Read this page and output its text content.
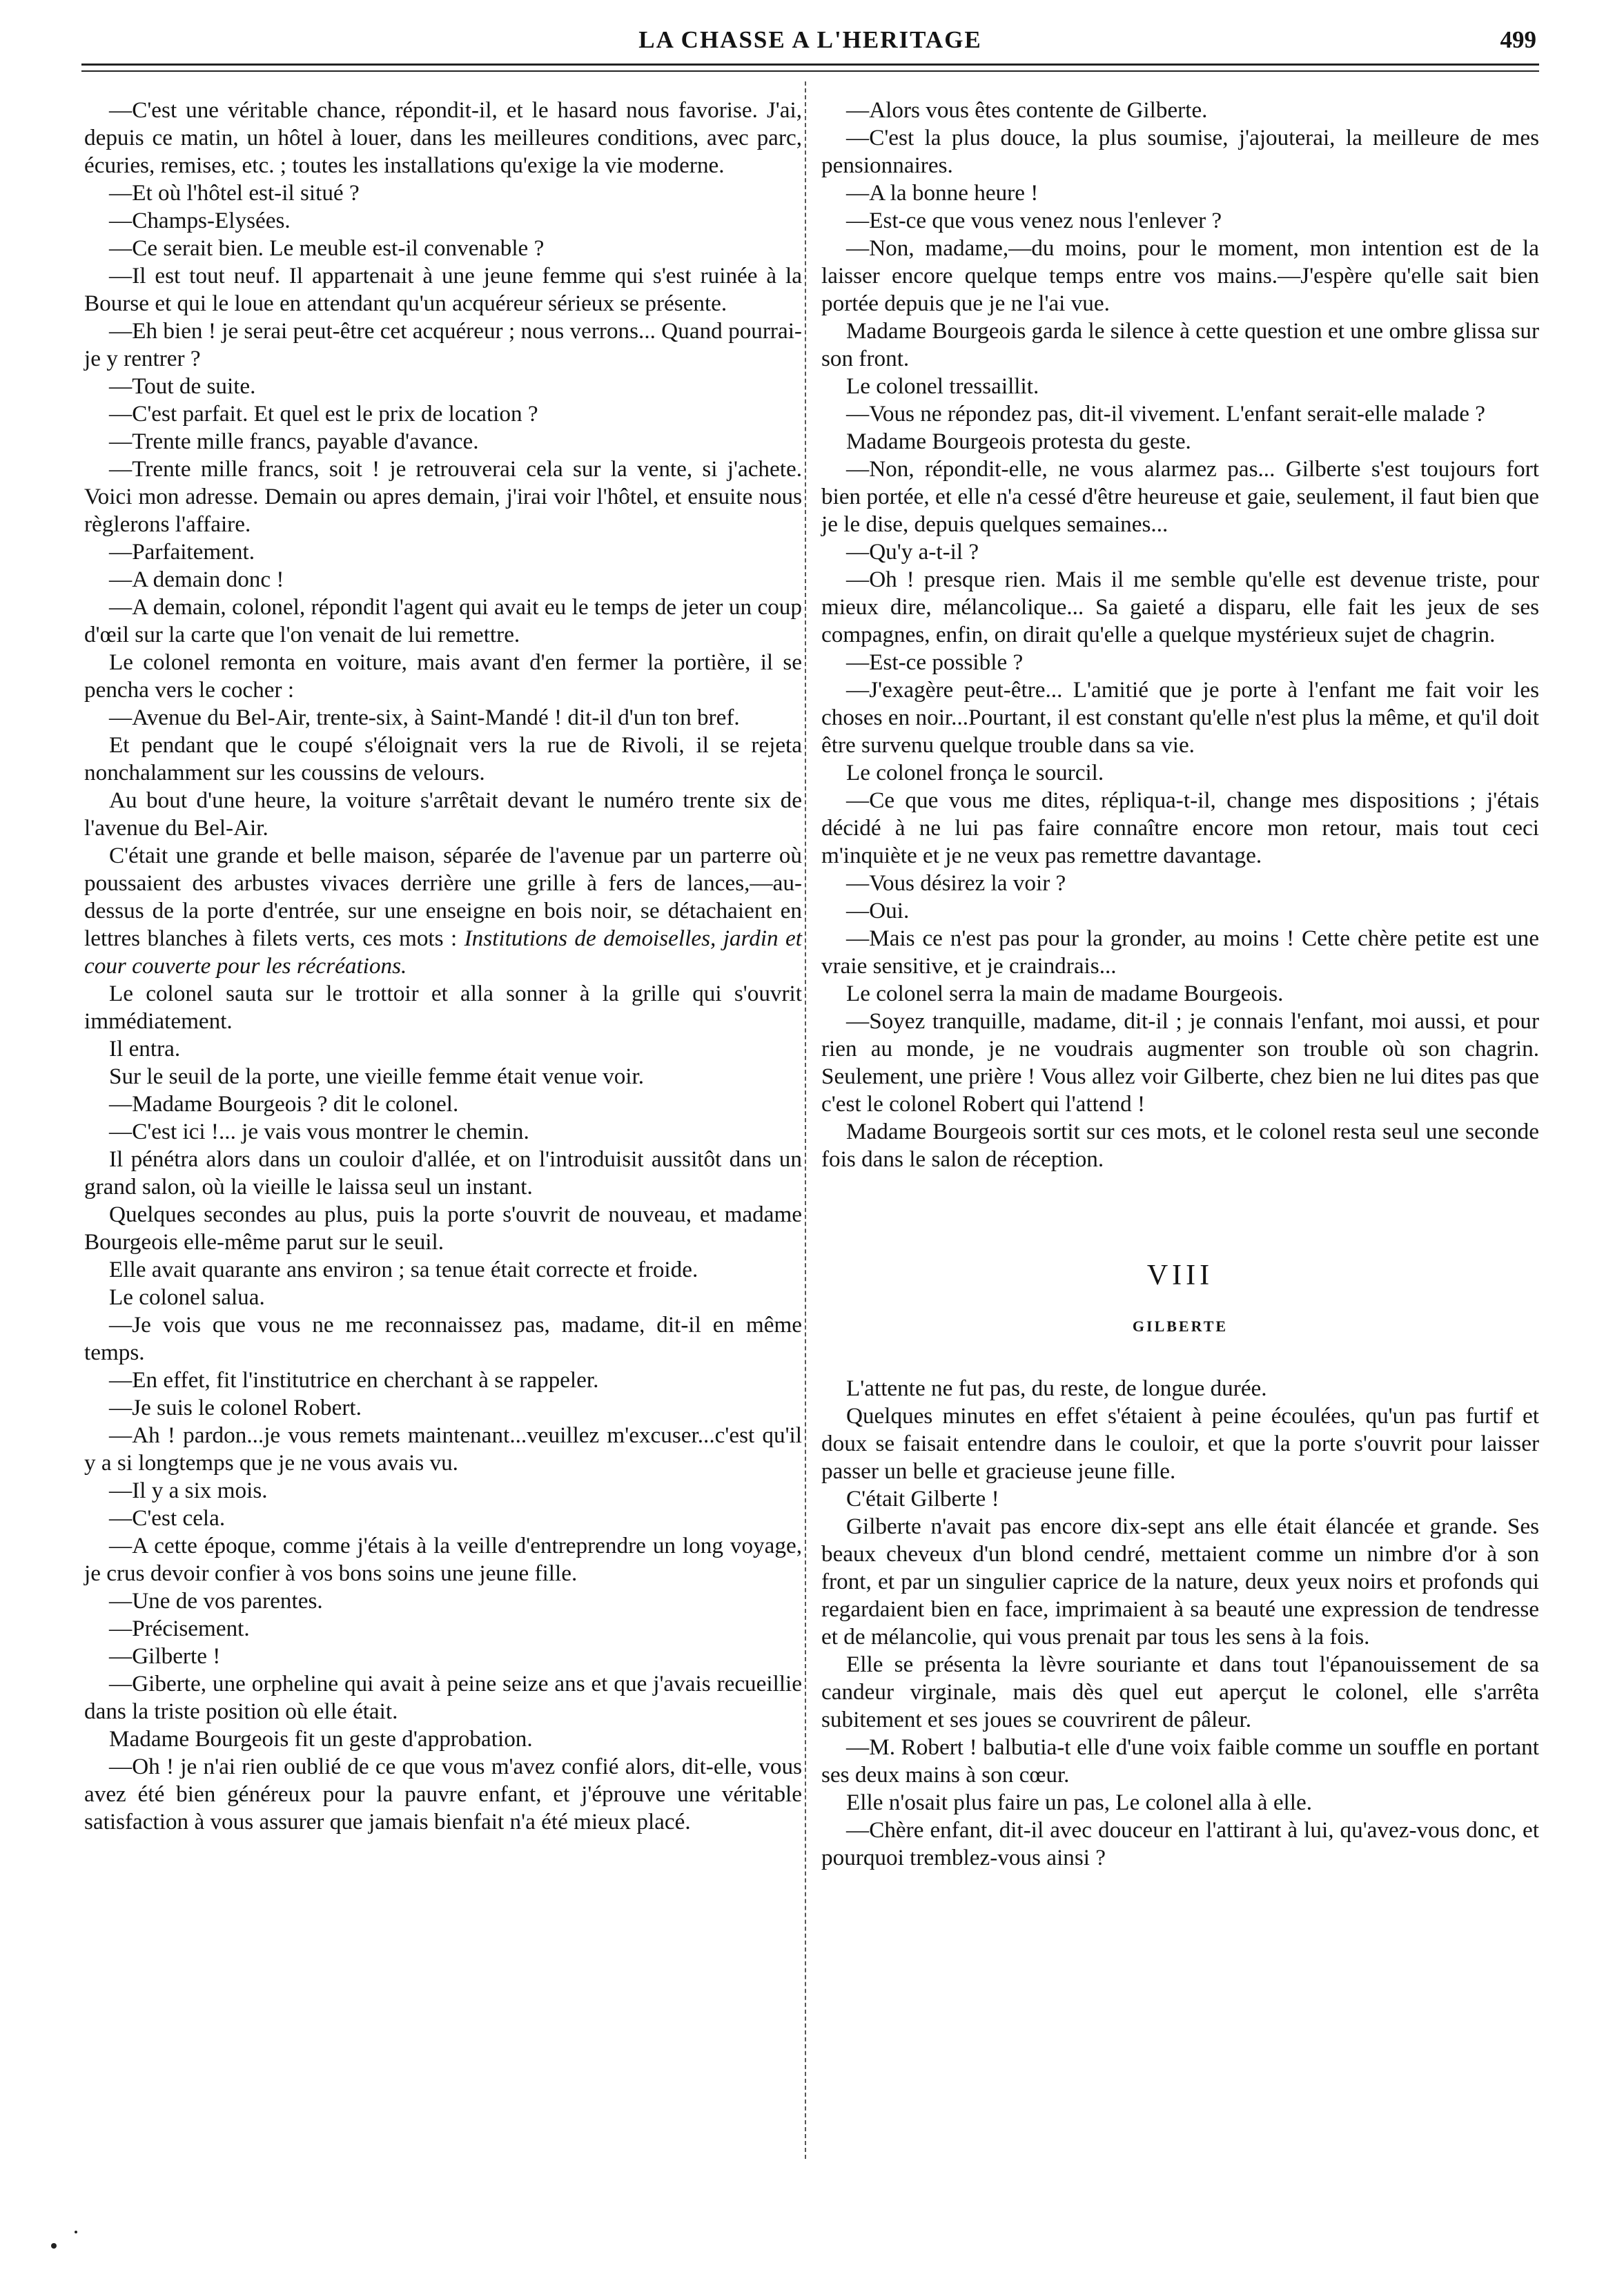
LA CHASSE A L'HERITAGE	499

—C'est une véritable chance, répondit-il, et le hasard nous favorise. J'ai, depuis ce matin, un hôtel à louer, dans les meilleures conditions, avec parc, écuries, remises, etc. ; toutes les installations qu'exige la vie moderne.

—Et où l'hôtel est-il situé ?

—Champs-Elysées.

—Ce serait bien. Le meuble est-il convenable ?

—Il est tout neuf. Il appartenait à une jeune femme qui s'est ruinée à la Bourse et qui le loue en attendant qu'un acquéreur sérieux se présente.

—Eh bien ! je serai peut-être cet acquéreur ; nous verrons... Quand pourrai-je y rentrer ?

—Tout de suite.

—C'est parfait. Et quel est le prix de location ?

—Trente mille francs, payable d'avance.

—Trente mille francs, soit ! je retrouverai cela sur la vente, si j'achete. Voici mon adresse. Demain ou apres demain, j'irai voir l'hôtel, et ensuite nous règlerons l'affaire.

—Parfaitement.

—A demain donc !

—A demain, colonel, répondit l'agent qui avait eu le temps de jeter un coup d'œil sur la carte que l'on venait de lui remettre.

Le colonel remonta en voiture, mais avant d'en fermer la portière, il se pencha vers le cocher :

—Avenue du Bel-Air, trente-six, à Saint-Mandé ! dit-il d'un ton bref.

Et pendant que le coupé s'éloignait vers la rue de Rivoli, il se rejeta nonchalamment sur les coussins de velours.

Au bout d'une heure, la voiture s'arrêtait devant le numéro trente six de l'avenue du Bel-Air.

C'était une grande et belle maison, séparée de l'avenue par un parterre où poussaient des arbustes vivaces derrière une grille à fers de lances,—au-dessus de la porte d'entrée, sur une enseigne en bois noir, se détachaient en lettres blanches à filets verts, ces mots : Institutions de demoiselles, jardin et cour couverte pour les récréations.

Le colonel sauta sur le trottoir et alla sonner à la grille qui s'ouvrit immédiatement.

Il entra.

Sur le seuil de la porte, une vieille femme était venue voir.

—Madame Bourgeois ? dit le colonel.

—C'est ici !... je vais vous montrer le chemin.

Il pénétra alors dans un couloir d'allée, et on l'introduisit aussitôt dans un grand salon, où la vieille le laissa seul un instant.

Quelques secondes au plus, puis la porte s'ouvrit de nouveau, et madame Bourgeois elle-même parut sur le seuil.

Elle avait quarante ans environ ; sa tenue était correcte et froide.

Le colonel salua.

—Je vois que vous ne me reconnaissez pas, madame, dit-il en même temps.

—En effet, fit l'institutrice en cherchant à se rappeler.

—Je suis le colonel Robert.

—Ah ! pardon...je vous remets maintenant...veuillez m'excuser...c'est qu'il y a si longtemps que je ne vous avais vu.

—Il y a six mois.

—C'est cela.

—A cette époque, comme j'étais à la veille d'entreprendre un long voyage, je crus devoir confier à vos bons soins une jeune fille.

—Une de vos parentes.

—Précisement.

—Gilberte !

—Giberte, une orpheline qui avait à peine seize ans et que j'avais recueillie dans la triste position où elle était.

Madame Bourgeois fit un geste d'approbation.

—Oh ! je n'ai rien oublié de ce que vous m'avez confié alors, dit-elle, vous avez été bien généreux pour la pauvre enfant, et j'éprouve une véritable satisfaction à vous assurer que jamais bienfait n'a été mieux placé.

—Alors vous êtes contente de Gilberte.

—C'est la plus douce, la plus soumise, j'ajouterai, la meilleure de mes pensionnaires.

—A la bonne heure !

—Est-ce que vous venez nous l'enlever ?

—Non, madame,—du moins, pour le moment, mon intention est de la laisser encore quelque temps entre vos mains.—J'espère qu'elle sait bien portée depuis que je ne l'ai vue.

Madame Bourgeois garda le silence à cette question et une ombre glissa sur son front.

Le colonel tressaillit.

—Vous ne répondez pas, dit-il vivement. L'enfant serait-elle malade ?

Madame Bourgeois protesta du geste.

—Non, répondit-elle, ne vous alarmez pas... Gilberte s'est toujours fort bien portée, et elle n'a cessé d'être heureuse et gaie, seulement, il faut bien que je le dise, depuis quelques semaines...

—Qu'y a-t-il ?

—Oh ! presque rien. Mais il me semble qu'elle est devenue triste, pour mieux dire, mélancolique... Sa gaieté a disparu, elle fait les jeux de ses compagnes, enfin, on dirait qu'elle a quelque mystérieux sujet de chagrin.

—Est-ce possible ?

—J'exagère peut-être... L'amitié que je porte à l'enfant me fait voir les choses en noir...Pourtant, il est constant qu'elle n'est plus la même, et qu'il doit être survenu quelque trouble dans sa vie.

Le colonel fronça le sourcil.

—Ce que vous me dites, répliqua-t-il, change mes dispositions ; j'étais décidé à ne lui pas faire connaître encore mon retour, mais tout ceci m'inquiète et je ne veux pas remettre davantage.

—Vous désirez la voir ?

—Oui.

—Mais ce n'est pas pour la gronder, au moins ! Cette chère petite est une vraie sensitive, et je craindrais...

Le colonel serra la main de madame Bourgeois.

—Soyez tranquille, madame, dit-il ; je connais l'enfant, moi aussi, et pour rien au monde, je ne voudrais augmenter son trouble où son chagrin. Seulement, une prière ! Vous allez voir Gilberte, chez bien ne lui dites pas que c'est le colonel Robert qui l'attend !

Madame Bourgeois sortit sur ces mots, et le colonel resta seul une seconde fois dans le salon de réception.

VIII
GILBERTE

L'attente ne fut pas, du reste, de longue durée.

Quelques minutes en effet s'étaient à peine écoulées, qu'un pas furtif et doux se faisait entendre dans le couloir, et que la porte s'ouvrit pour laisser passer un belle et gracieuse jeune fille.

C'était Gilberte !

Gilberte n'avait pas encore dix-sept ans elle était élancée et grande. Ses beaux cheveux d'un blond cendré, mettaient comme un nimbre d'or à son front, et par un singulier caprice de la nature, deux yeux noirs et profonds qui regardaient bien en face, imprimaient à sa beauté une expression de tendresse et de mélancolie, qui vous prenait par tous les sens à la fois.

Elle se présenta la lèvre souriante et dans tout l'épanouissement de sa candeur virginale, mais dès quel eut aperçut le colonel, elle s'arrêta subitement et ses joues se couvrirent de pâleur.

—M. Robert ! balbutia-t elle d'une voix faible comme un souffle en portant ses deux mains à son cœur.

Elle n'osait plus faire un pas, Le colonel alla à elle.

—Chère enfant, dit-il avec douceur en l'attirant à lui, qu'avez-vous donc, et pourquoi tremblez-vous ainsi ?
